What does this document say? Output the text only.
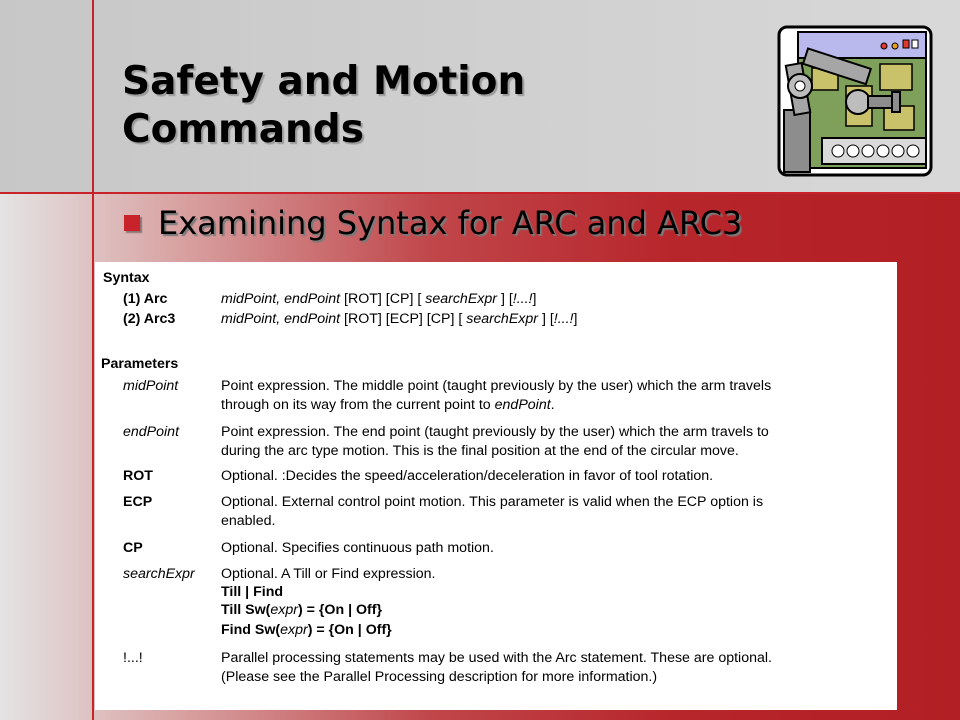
Safety and Motion
Commands
Examining Syntax for ARC and ARC3
Syntax
(1) Arc	midPoint, endPoint [ROT] [CP] [ searchExpr ] [!...!]
(2) Arc3	midPoint, endPoint [ROT] [ECP] [CP] [ searchExpr ] [!...!]
Parameters
midPoint	Point expression. The middle point (taught previously by the user) which the arm travels
through on its way from the current point to endPoint.
endPoint	Point expression. The end point (taught previously by the user) which the arm travels to
during the arc type motion. This is the final position at the end of the circular move.
ROT	Optional. :Decides the speed/acceleration/deceleration in favor of tool rotation.
ECP	Optional. External control point motion. This parameter is valid when the ECP option is
enabled.
CP	Optional. Specifies continuous path motion.
searchExpr Optional. A Till or Find expression.
Till | Find
Till Sw(expr) = {On | Off}
Find Sw(expr) = {On | Off}
!...!	Parallel processing statements may be used with the Arc statement. These are optional.
(Please see the Parallel Processing description for more information.)
